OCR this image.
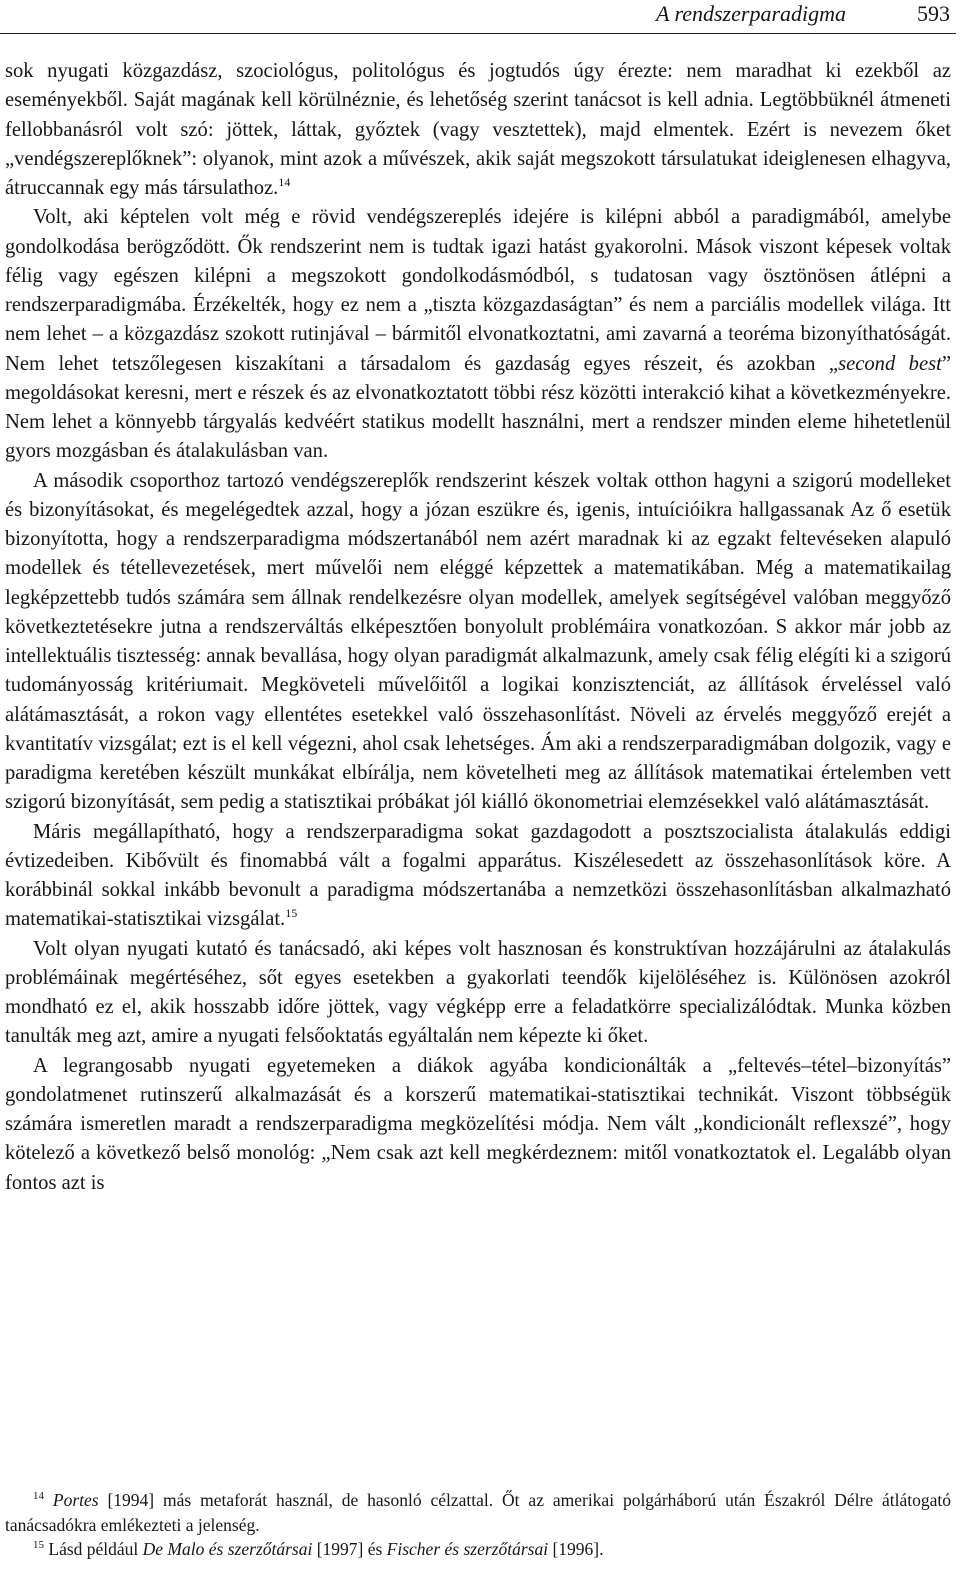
A rendszerparadigma	593

sok nyugati közgazdász, szociológus, politológus és jogtudós úgy érezte: nem maradhat ki ezekből az eseményekből. Saját magának kell körülnéznie, és lehetőség szerint tanácsot is kell adnia. Legtöbbüknél átmeneti fellobbanásról volt szó: jöttek, láttak, győztek (vagy vesztettek), majd elmentek. Ezért is nevezem őket „vendégszereplőknek”: olyanok, mint azok a művészek, akik saját megszokott társulatukat ideiglenesen elhagyva, átruccannak egy más társulathoz.$^{14}$

Volt, aki képtelen volt még e rövid vendégszereplés idejére is kilépni abból a paradigmából, amelybe gondolkodása berögződött. Ők rendszerint nem is tudtak igazi hatást gyakorolni. Mások viszont képesek voltak félig vagy egészen kilépni a megszokott gondolkodásmódból, s tudatosan vagy ösztönösen átlépni a rendszerparadigmába. Érzékelték, hogy ez nem a „tiszta közgazdaságtan” és nem a parciális modellek világa. Itt nem lehet – a közgazdász szokott rutinjával – bármitől elvonatkoztatni, ami zavarná a teoréma bizonyíthatóságát. Nem lehet tetszőlegesen kiszakítani a társadalom és gazdaság egyes részeit, és azokban „second best” megoldásokat keresni, mert e részek és az elvonatkoztatott többi rész közötti interakció kihat a következményekre. Nem lehet a könnyebb tárgyalás kedvéért statikus modellt használni, mert a rendszer minden eleme hihetetlenül gyors mozgásban és átalakulásban van.

A második csoporthoz tartozó vendégszereplők rendszerint készek voltak otthon hagyni a szigorú modelleket és bizonyításokat, és megelégedtek azzal, hogy a józan eszükre és, igenis, intuícióikra hallgassanak Az ő esetük bizonyította, hogy a rendszerparadigma módszertanából nem azért maradnak ki az egzakt feltevéseken alapuló modellek és tétellevezetések, mert művelői nem eléggé képzettek a matematikában. Még a matematikailag legképzettebb tudós számára sem állnak rendelkezésre olyan modellek, amelyek segítségével valóban meggyőző következtetésekre jutna a rendszerváltás elképesztően bonyolult problémáira vonatkozóan. S akkor már jobb az intellektuális tisztesség: annak bevallása, hogy olyan paradigmát alkalmazunk, amely csak félig elégíti ki a szigorú tudományosság kritériumait. Megköveteli művelőitől a logikai konzisztenciát, az állítások érveléssel való alátámasztását, a rokon vagy ellentétes esetekkel való összehasonlítást. Növeli az érvelés meggyőző erejét a kvantitatív vizsgálat; ezt is el kell végezni, ahol csak lehetséges. Ám aki a rendszerparadigmában dolgozik, vagy e paradigma keretében készült munkákat elbírálja, nem követelheti meg az állítások matematikai értelemben vett szigorú bizonyítását, sem pedig a statisztikai próbákat jól kiálló ökonometriai elemzésekkel való alátámasztását.

Máris megállapítható, hogy a rendszerparadigma sokat gazdagodott a posztszocialista átalakulás eddigi évtizedeiben. Kibővült és finomabbá vált a fogalmi apparátus. Kiszélesedett az összehasonlítások köre. A korábbinál sokkal inkább bevonult a paradigma módszertanába a nemzetközi összehasonlításban alkalmazható matematikai-statisztikai vizsgálat.$^{15}$

Volt olyan nyugati kutató és tanácsadó, aki képes volt hasznosan és konstruktívan hozzájárulni az átalakulás problémáinak megértéséhez, sőt egyes esetekben a gyakorlati teendők kijelöléséhez is. Különösen azokról mondható ez el, akik hosszabb időre jöttek, vagy végképp erre a feladatkörre specializálódtak. Munka közben tanulták meg azt, amire a nyugati felsőoktatás egyáltalán nem képezte ki őket.

A legrangosabb nyugati egyetemeken a diákok agyába kondicionálták a „feltevés–tétel–bizonyítás” gondolatmenet rutinszerű alkalmazását és a korszerű matematikai-statisztikai technikát. Viszont többségük számára ismeretlen maradt a rendszerparadigma megközelítési módja. Nem vált „kondicionált reflexszé”, hogy kötelező a következő belső monológ: „Nem csak azt kell megkérdeznem: mitől vonatkoztatok el. Legalább olyan fontos azt is

$^{14}$ Portes [1994] más metaforát használ, de hasonló célzattal. Őt az amerikai polgárháború után Északról Délre átlátogató tanácsadókra emlékezteti a jelenség.

$^{15}$ Lásd például De Malo és szerzőtársai [1997] és Fischer és szerzőtársai [1996].
